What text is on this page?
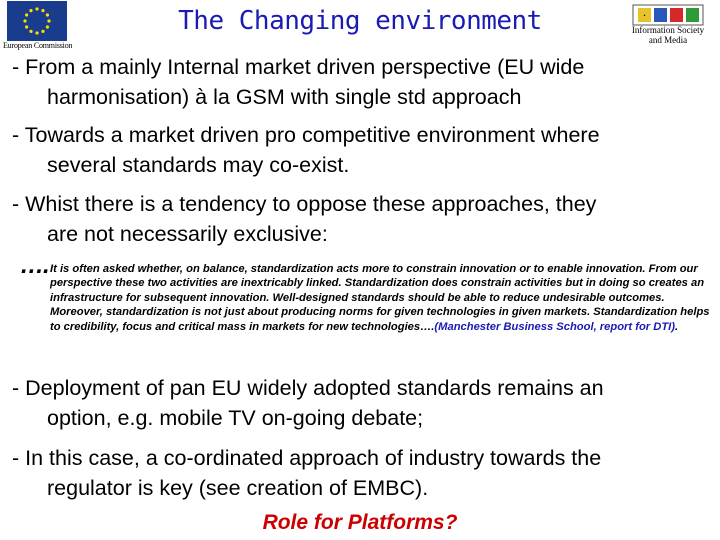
European Commission
The Changing environment	·
Information Society
and Media
- From a mainly Internal market driven perspective (EU wide
harmonisation) à la GSM with single std approach
- Towards a market driven pro competitive environment where
several standards may co-exist.
- Whist there is a tendency to oppose these approaches, they
are not necessarily exclusive:
…. It is often asked whether, on balance, standardization acts more to constrain innovation or to enable innovation. From our perspective these two activities are inextricably linked. Standardization does constrain activities but in doing so creates an infrastructure for subsequent innovation. Well-designed standards should be able to reduce undesirable outcomes. Moreover, standardization is not just about producing norms for given technologies in given markets. Standardization helps to credibility, focus and critical mass in markets for new technologies….(Manchester Business School, report for DTI).
- Deployment of pan EU widely adopted standards remains an
option, e.g. mobile TV on-going debate;
- In this case, a co-ordinated approach of industry towards the
regulator is key (see creation of EMBC).
Role for Platforms?
